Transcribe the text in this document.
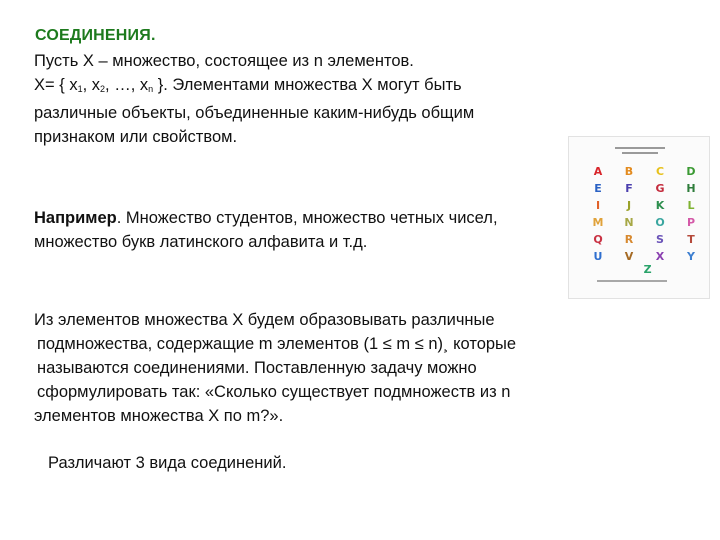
СОЕДИНЕНИЯ.
Пусть Х – множество, состоящее из n элементов.
Х= { $x_1$, $x_2$, …, $x_n$ }. Элементами множества Х могут быть
различные объекты, объединенные каким-нибудь общим
признаком или свойством.
Например. Множество студентов, множество четных чисел,
множество букв латинского алфавита и т.д.
Из элементов множества Х будем образовывать различные
подмножества, содержащие m элементов (1 ≤ m ≤ n)¸ которые
называются соединениями. Поставленную задачу можно
сформулировать так: «Сколько существует подмножеств из n
элементов множества Х по m?».
Различают 3 вида соединений.
A B C D
E F G H
I	J	K L
M N O P
Q R S T
U V X Y
Z
